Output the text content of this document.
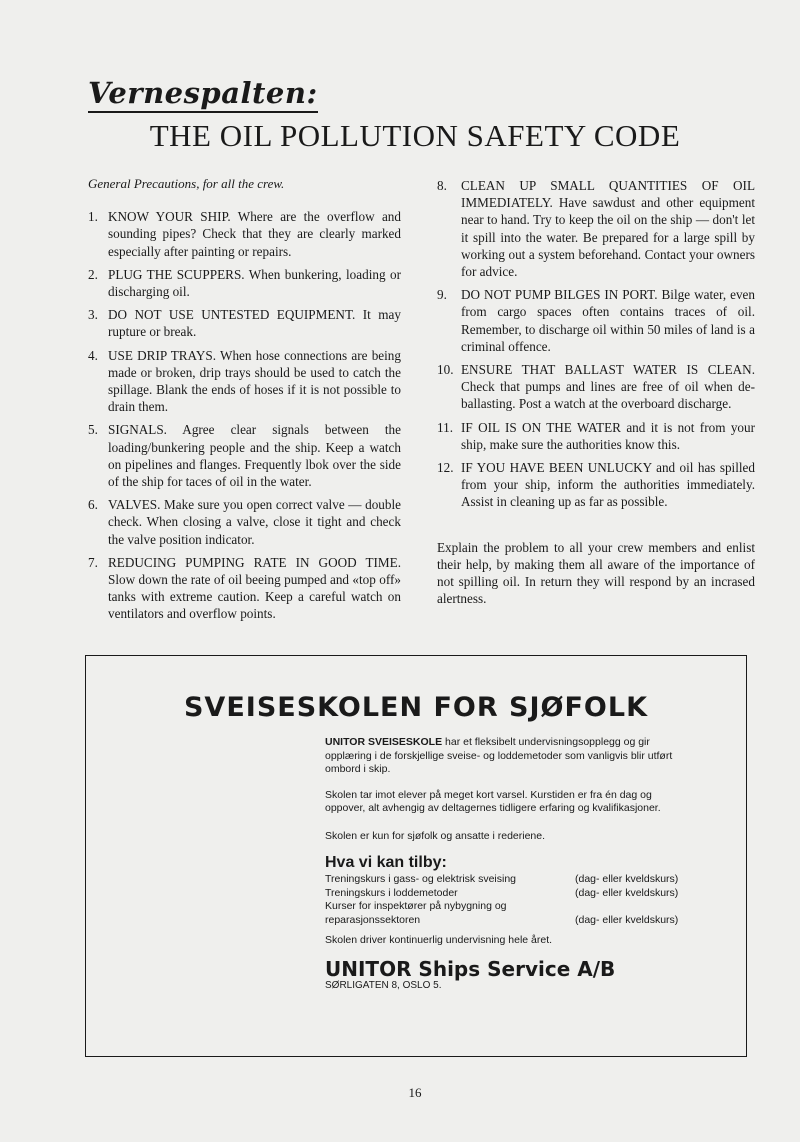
Vernespalten:
THE OIL POLLUTION SAFETY CODE
General Precautions, for all the crew.
1. KNOW YOUR SHIP. Where are the overflow and sounding pipes? Check that they are clearly marked especially after painting or repairs.
2. PLUG THE SCUPPERS. When bunkering, loading or discharging oil.
3. DO NOT USE UNTESTED EQUIPMENT. It may rupture or break.
4. USE DRIP TRAYS. When hose connections are being made or broken, drip trays should be used to catch the spillage. Blank the ends of hoses if it is not possible to drain them.
5. SIGNALS. Agree clear signals between the loading/bunkering people and the ship. Keep a watch on pipelines and flanges. Frequently lbok over the side of the ship for taces of oil in the water.
6. VALVES. Make sure you open correct valve — double check. When closing a valve, close it tight and check the valve position indicator.
7. REDUCING PUMPING RATE IN GOOD TIME. Slow down the rate of oil beeing pumped and «top off» tanks with extreme caution. Keep a careful watch on ventilators and overflow points.
8. CLEAN UP SMALL QUANTITIES OF OIL IMMEDIATELY. Have sawdust and other equipment near to hand. Try to keep the oil on the ship — don't let it spill into the water. Be prepared for a large spill by working out a system beforehand. Contact your owners for advice.
9. DO NOT PUMP BILGES IN PORT. Bilge water, even from cargo spaces often contains traces of oil. Remember, to discharge oil within 50 miles of land is a criminal offence.
10. ENSURE THAT BALLAST WATER IS CLEAN. Check that pumps and lines are free of oil when de-ballasting. Post a watch at the overboard discharge.
11. IF OIL IS ON THE WATER and it is not from your ship, make sure the authorities know this.
12. IF YOU HAVE BEEN UNLUCKY and oil has spilled from your ship, inform the authorities immediately. Assist in cleaning up as far as possible.
Explain the problem to all your crew members and enlist their help, by making them all aware of the importance of not spilling oil. In return they will respond by an incrased alertness.
SVEISESKOLEN FOR SJØFOLK

UNITOR SVEISESKOLE har et fleksibelt undervisningsopplegg og gir opplæring i de forskjellige sveise- og loddemetoder som vanligvis blir utført ombord i skip.

Skolen tar imot elever på meget kort varsel. Kurstiden er fra én dag og oppover, alt avhengig av deltagernes tidligere erfaring og kvalifikasjoner.

Skolen er kun for sjøfolk og ansatte i rederiene.

Hva vi kan tilby:
Treningskurs i gass- og elektrisk sveising	(dag- eller kveldskurs)
Treningskurs i loddemetoder	(dag- eller kveldskurs)
Kurser for inspektører på nybygning og
reparasjonssektoren	(dag- eller kveldskurs)

Skolen driver kontinuerlig undervisning hele året.

UNITOR Ships Service A/B
SØRLIGATEN 8, OSLO 5.
16
